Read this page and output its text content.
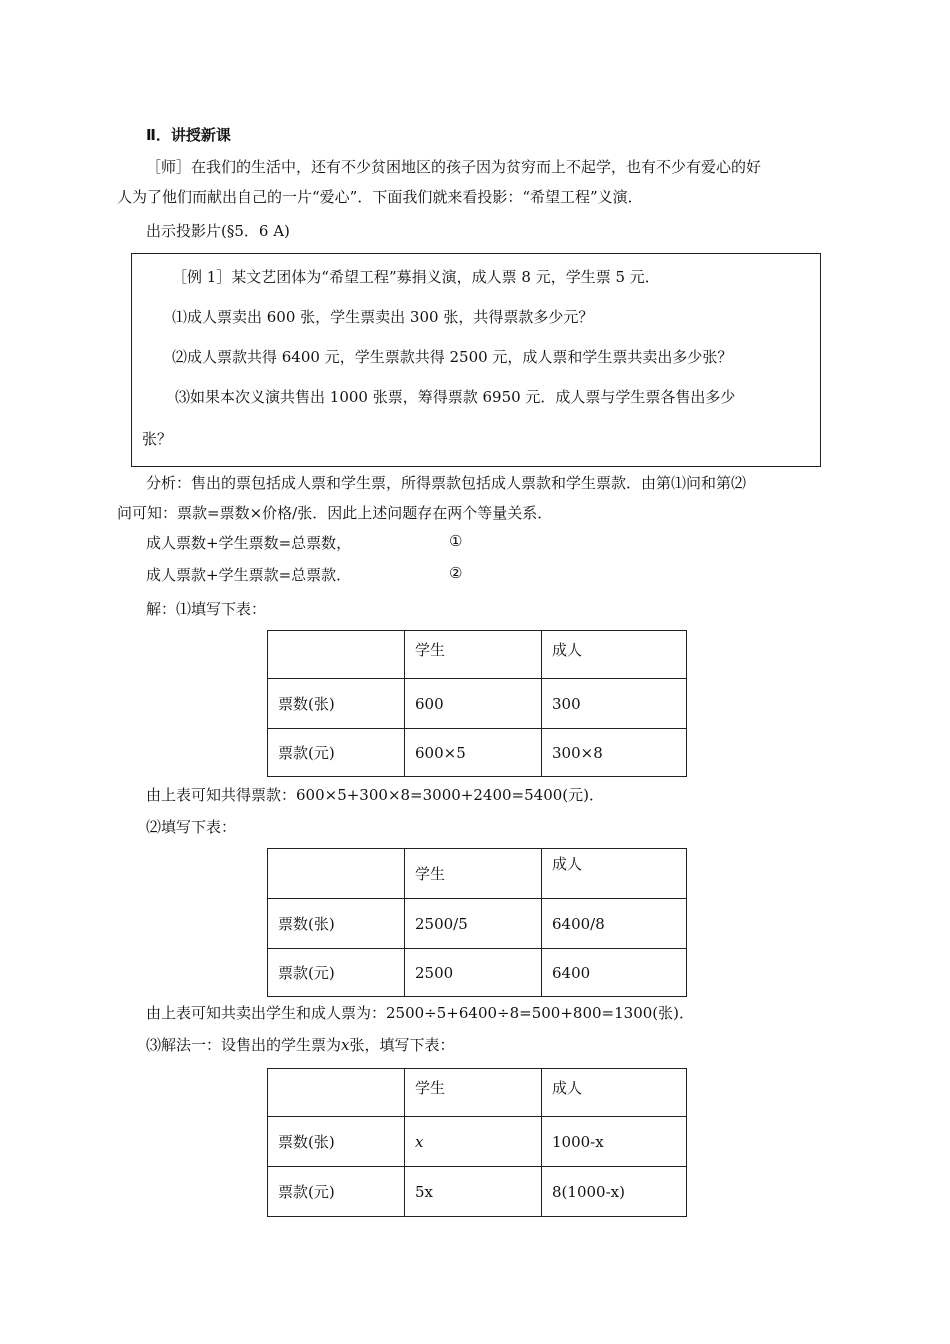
Ⅱ．讲授新课
［师］在我们的生活中，还有不少贫困地区的孩子因为贫穷而上不起学，也有不少有爱心的好
人为了他们而献出自己的一片“爱心”．下面我们就来看投影：“希望工程”义演．
出示投影片(§5．6 A)
［例 1］某文艺团体为“希望工程”募捐义演，成人票 8 元，学生票 5 元．
⑴成人票卖出 600 张，学生票卖出 300 张，共得票款多少元？
⑵成人票款共得 6400 元，学生票款共得 2500 元，成人票和学生票共卖出多少张？
⑶如果本次义演共售出 1000 张票，筹得票款 6950 元．成人票与学生票各售出多少
张？
分析：售出的票包括成人票和学生票，所得票款包括成人票款和学生票款．由第⑴问和第⑵
问可知：票款=票数×价格/张．因此上述问题存在两个等量关系．
成人票数+学生票数=总票数，	①
成人票款+学生票款=总票款．	②
解：⑴填写下表：
	学生	成人
票数(张)	600	300
票款(元)	600×5	300×8
由上表可知共得票款：600×5+300×8=3000+2400=5400(元)．
⑵填写下表：
	学生	成人
票数(张)	2500/5	6400/8
票款(元)	2500	6400
由上表可知共卖出学生和成人票为：2500÷5+6400÷8=500+800=1300(张)．
⑶解法一：设售出的学生票为x张，填写下表：
	学生	成人
票数(张)	x	1000-x
票款(元)	5x	8(1000-x)
